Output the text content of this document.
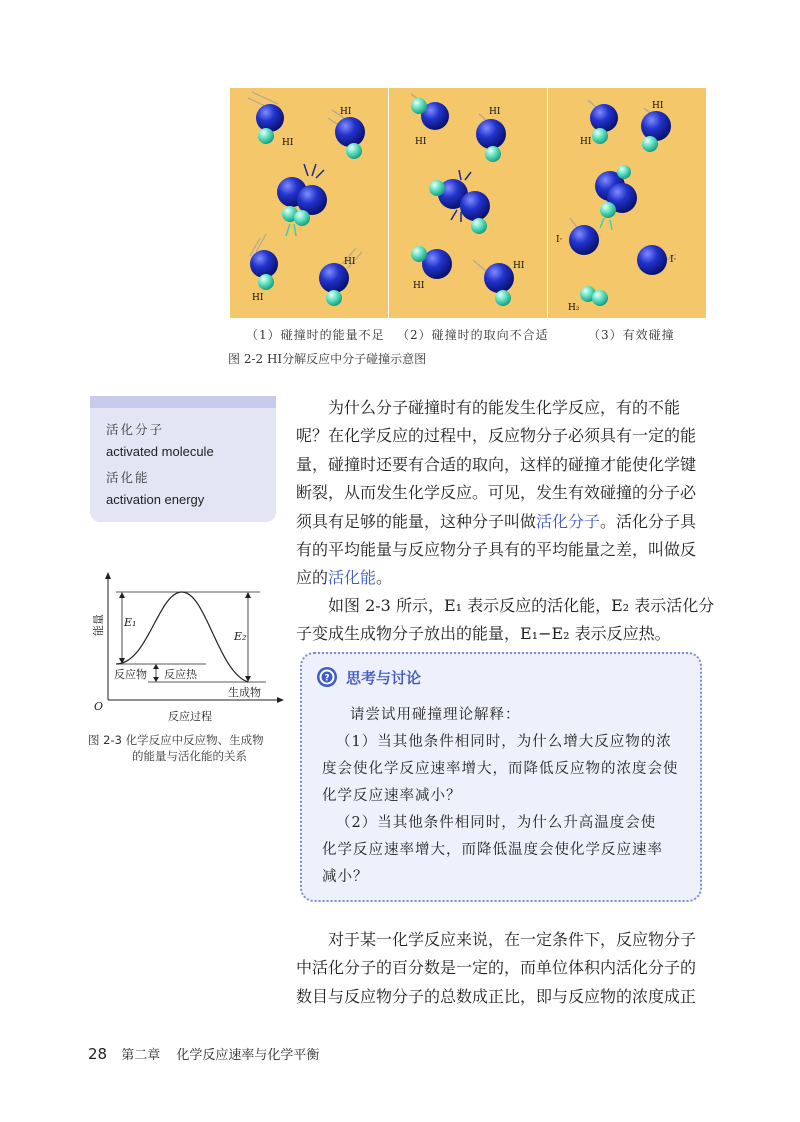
HI
HI
HI
HI
HI
HI
HI
HI
HI
HI
I·
I·
H₂
（1）碰撞时的能量不足 （2）碰撞时的取向不合适	（3）有效碰撞
图 2-2 HI分解反应中分子碰撞示意图
活化分子
activated molecule
活化能
activation energy
为什么分子碰撞时有的能发生化学反应，有的不能
呢？在化学反应的过程中，反应物分子必须具有一定的能
量，碰撞时还要有合适的取向，这样的碰撞才能使化学键
断裂，从而发生化学反应。可见，发生有效碰撞的分子必
须具有足够的能量，这种分子叫做活化分子。活化分子具
有的平均能量与反应物分子具有的平均能量之差，叫做反
应的活化能。
如图 2-3 所示，E₁ 表示反应的活化能，E₂ 表示活化分
子变成生成物分子放出的能量，E₁−E₂ 表示反应热。
能量 E₁
E₂
反应物 反应热
生成物
O
反应过程
图 2-3 化学反应中反应物、生成物
的能量与活化能的关系
? 思考与讨论
请尝试用碰撞理论解释：
（1）当其他条件相同时，为什么增大反应物的浓
度会使化学反应速率增大，而降低反应物的浓度会使
化学反应速率减小？
（2）当其他条件相同时，为什么升高温度会使
化学反应速率增大，而降低温度会使化学反应速率
减小？
对于某一化学反应来说，在一定条件下，反应物分子
中活化分子的百分数是一定的，而单位体积内活化分子的
数目与反应物分子的总数成正比，即与反应物的浓度成正
28 第二章 化学反应速率与化学平衡
